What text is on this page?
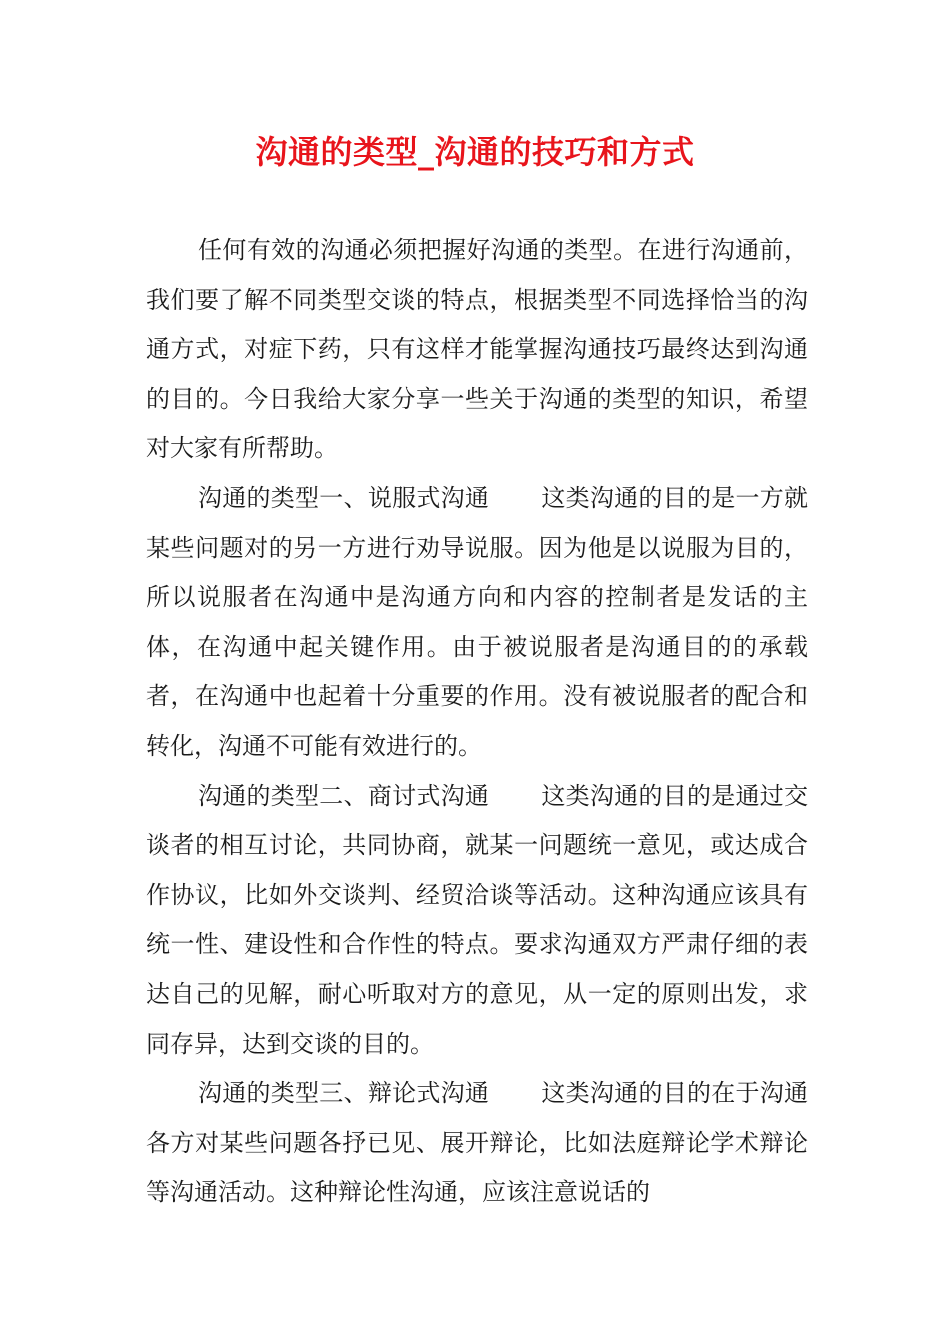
沟通的类型_沟通的技巧和方式

任何有效的沟通必须把握好沟通的类型。在进行沟通前，我们要了解不同类型交谈的特点，根据类型不同选择恰当的沟通方式，对症下药，只有这样才能掌握沟通技巧最终达到沟通的目的。今日我给大家分享一些关于沟通的类型的知识，希望对大家有所帮助。

沟通的类型一、说服式沟通 这类沟通的目的是一方就某些问题对的另一方进行劝导说服。因为他是以说服为目的，所以说服者在沟通中是沟通方向和内容的控制者是发话的主体，在沟通中起关键作用。由于被说服者是沟通目的的承载者，在沟通中也起着十分重要的作用。没有被说服者的配合和转化，沟通不可能有效进行的。

沟通的类型二、商讨式沟通 这类沟通的目的是通过交谈者的相互讨论，共同协商，就某一问题统一意见，或达成合作协议，比如外交谈判、经贸洽谈等活动。这种沟通应该具有统一性、建设性和合作性的特点。要求沟通双方严肃仔细的表达自己的见解，耐心听取对方的意见，从一定的原则出发，求同存异，达到交谈的目的。

沟通的类型三、辩论式沟通 这类沟通的目的在于沟通各方对某些问题各抒已见、展开辩论，比如法庭辩论学术辩论等沟通活动。这种辩论性沟通，应该注意说话的
